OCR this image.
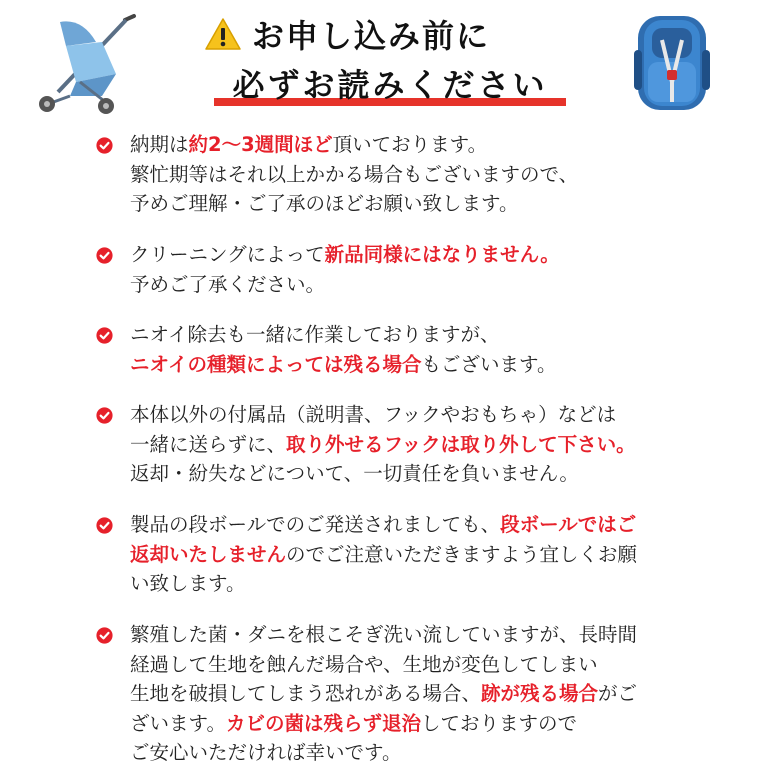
お申し込み前に
必ずお読みください
納期は約2〜3週間ほど頂いております。
繁忙期等はそれ以上かかる場合もございますので、
予めご理解・ご了承のほどお願い致します。
クリーニングによって新品同様にはなりません。
予めご了承ください。
ニオイ除去も一緒に作業しておりますが、
ニオイの種類によっては残る場合もございます。
本体以外の付属品（説明書、フックやおもちゃ）などは
一緒に送らずに、取り外せるフックは取り外して下さい。
返却・紛失などについて、一切責任を負いません。
製品の段ボールでのご発送されましても、段ボールではご
返却いたしませんのでご注意いただきますよう宜しくお願
い致します。
繁殖した菌・ダニを根こそぎ洗い流していますが、長時間
経過して生地を蝕んだ場合や、生地が変色してしまい
生地を破損してしまう恐れがある場合、跡が残る場合がご
ざいます。カビの菌は残らず退治しておりますので
ご安心いただければ幸いです。
